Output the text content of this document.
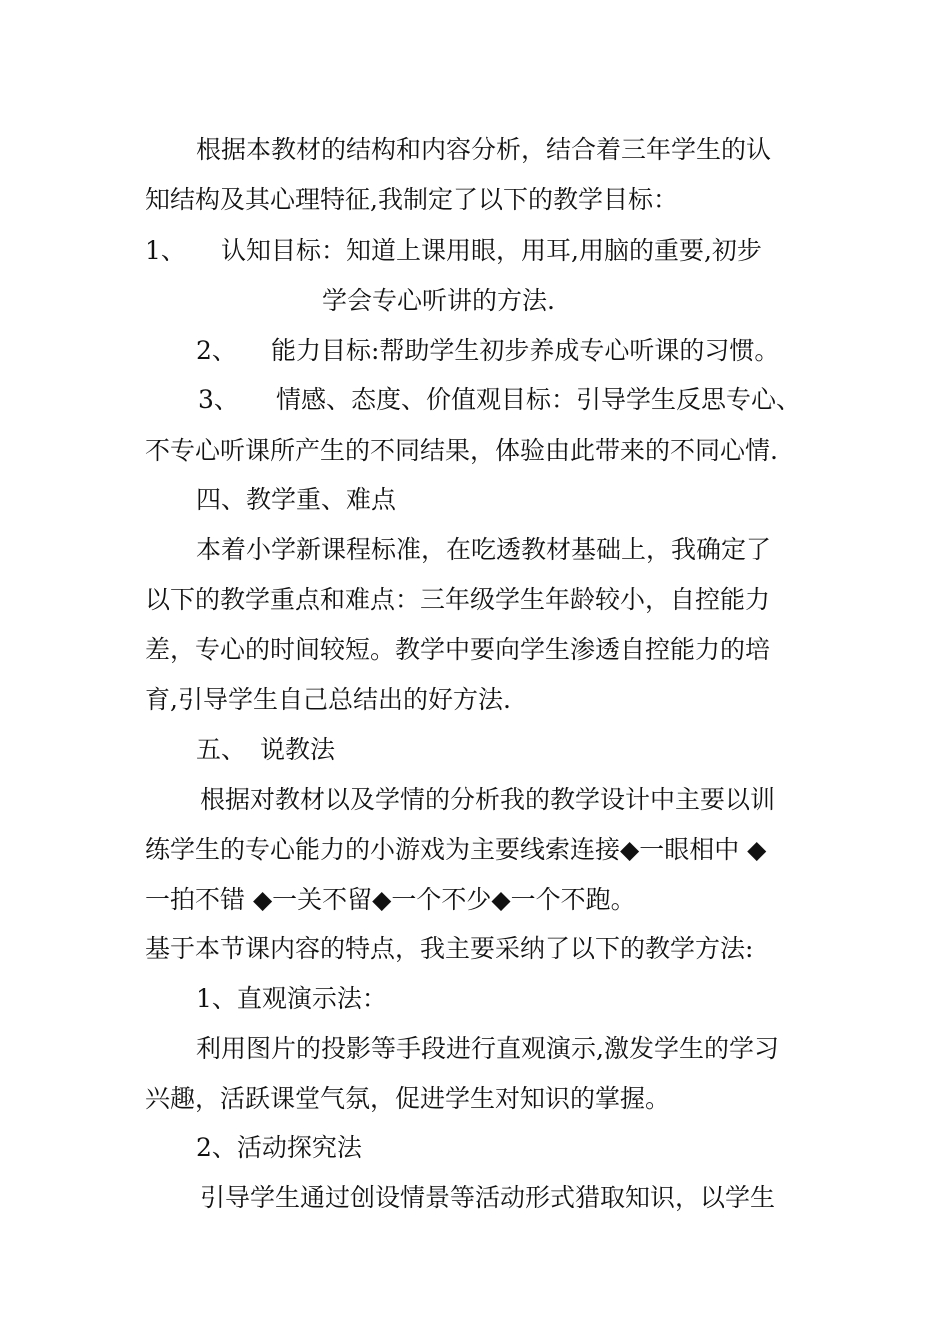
根据本教材的结构和内容分析，结合着三年学生的认
知结构及其心理特征,我制定了以下的教学目标：
1、 认知目标：知道上课用眼，用耳,用脑的重要,初步
学会专心听讲的方法.
2、 能力目标:帮助学生初步养成专心听课的习惯。
3、 情感、态度、价值观目标：引导学生反思专心、
不专心听课所产生的不同结果，体验由此带来的不同心情.
四、教学重、难点
本着小学新课程标准，在吃透教材基础上，我确定了
以下的教学重点和难点：三年级学生年龄较小，自控能力
差，专心的时间较短。教学中要向学生渗透自控能力的培
育,引导学生自己总结出的好方法.
五、 说教法
根据对教材以及学情的分析我的教学设计中主要以训
练学生的专心能力的小游戏为主要线索连接◆一眼相中 ◆
一拍不错 ◆一关不留◆一个不少◆一个不跑。
基于本节课内容的特点，我主要采纳了以下的教学方法:
1、直观演示法：
利用图片的投影等手段进行直观演示,激发学生的学习
兴趣，活跃课堂气氛，促进学生对知识的掌握。
2、活动探究法
引导学生通过创设情景等活动形式猎取知识，以学生
